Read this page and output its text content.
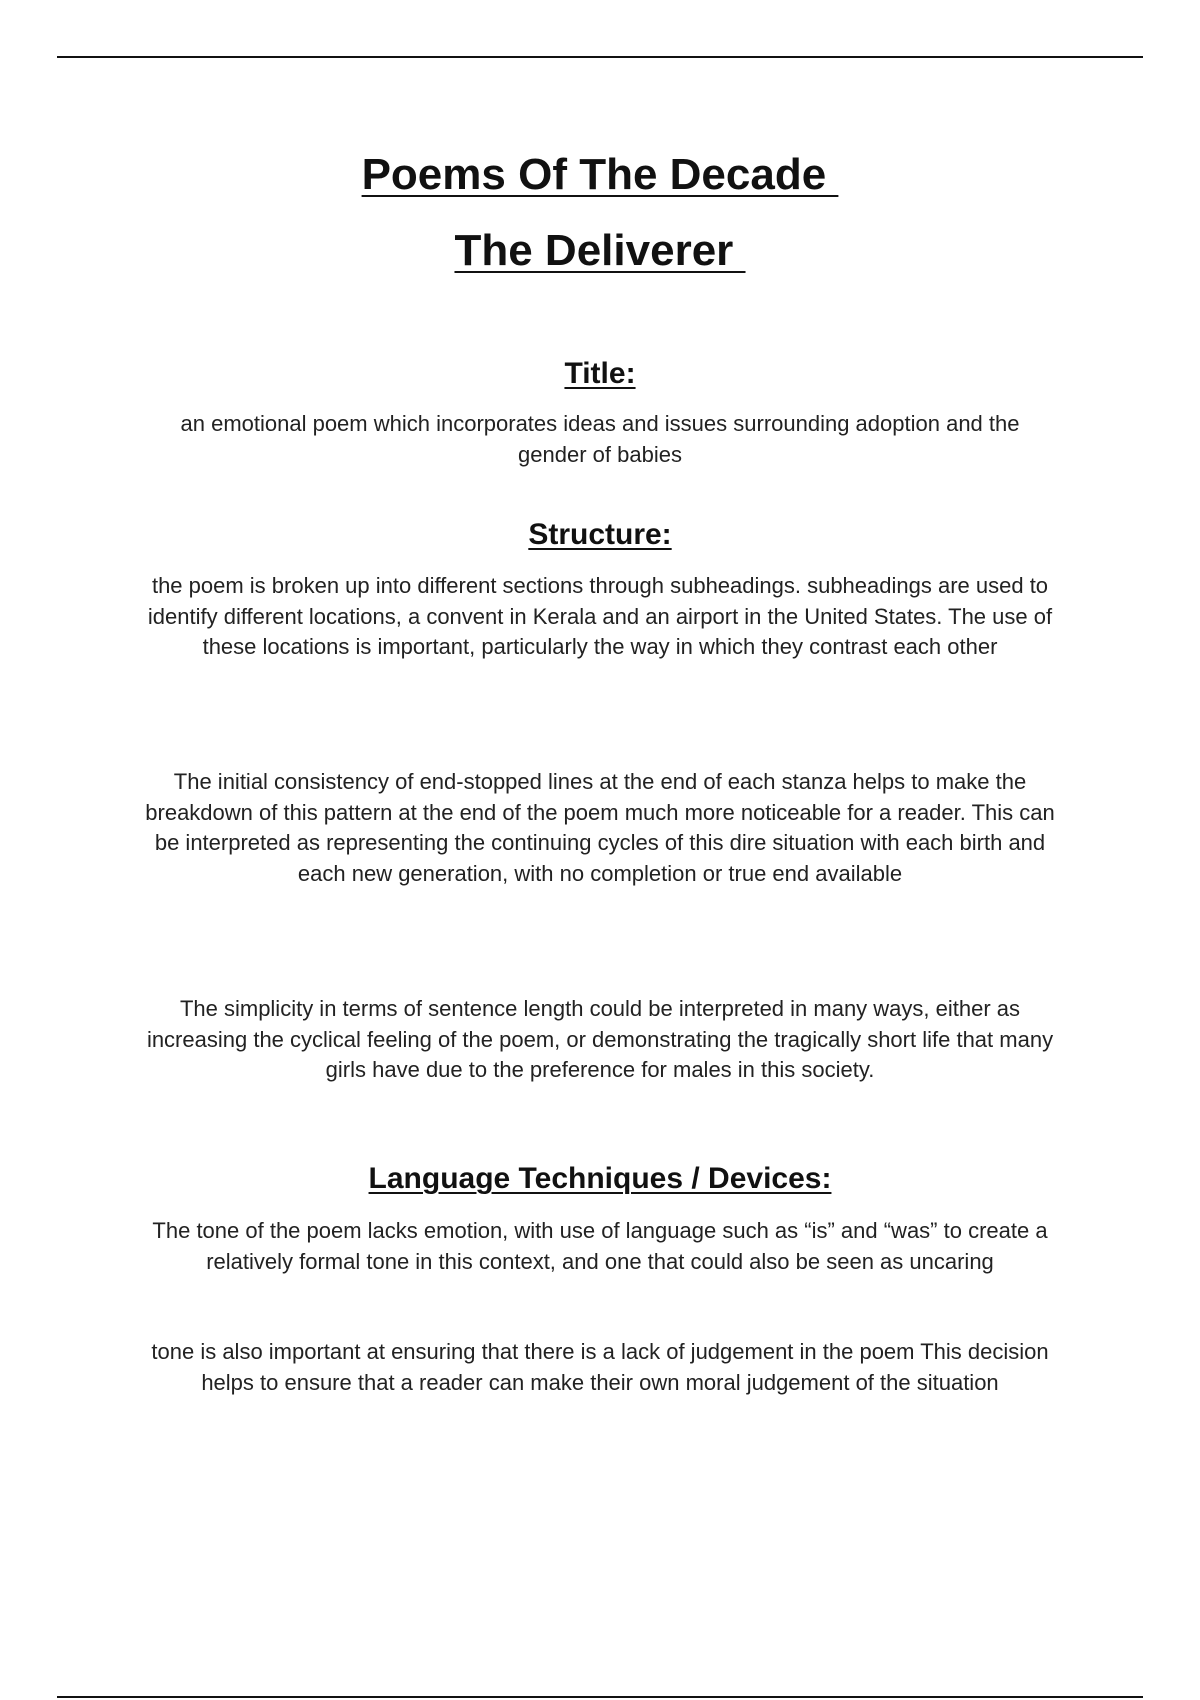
Poems Of The Decade
The Deliverer
Title:
an emotional poem which incorporates ideas and issues surrounding adoption and the gender of babies
Structure:
the poem is broken up into different sections through subheadings. subheadings are used to identify different locations, a convent in Kerala and an airport in the United States. The use of these locations is important, particularly the way in which they contrast each other
The initial consistency of end-stopped lines at the end of each stanza helps to make the breakdown of this pattern at the end of the poem much more noticeable for a reader. This can be interpreted as representing the continuing cycles of this dire situation with each birth and each new generation, with no completion or true end available
The simplicity in terms of sentence length could be interpreted in many ways, either as increasing the cyclical feeling of the poem, or demonstrating the tragically short life that many girls have due to the preference for males in this society.
Language Techniques / Devices:
The tone of the poem lacks emotion, with use of language such as “is” and “was” to create a relatively formal tone in this context, and one that could also be seen as uncaring
tone is also important at ensuring that there is a lack of judgement in the poem This decision helps to ensure that a reader can make their own moral judgement of the situation
